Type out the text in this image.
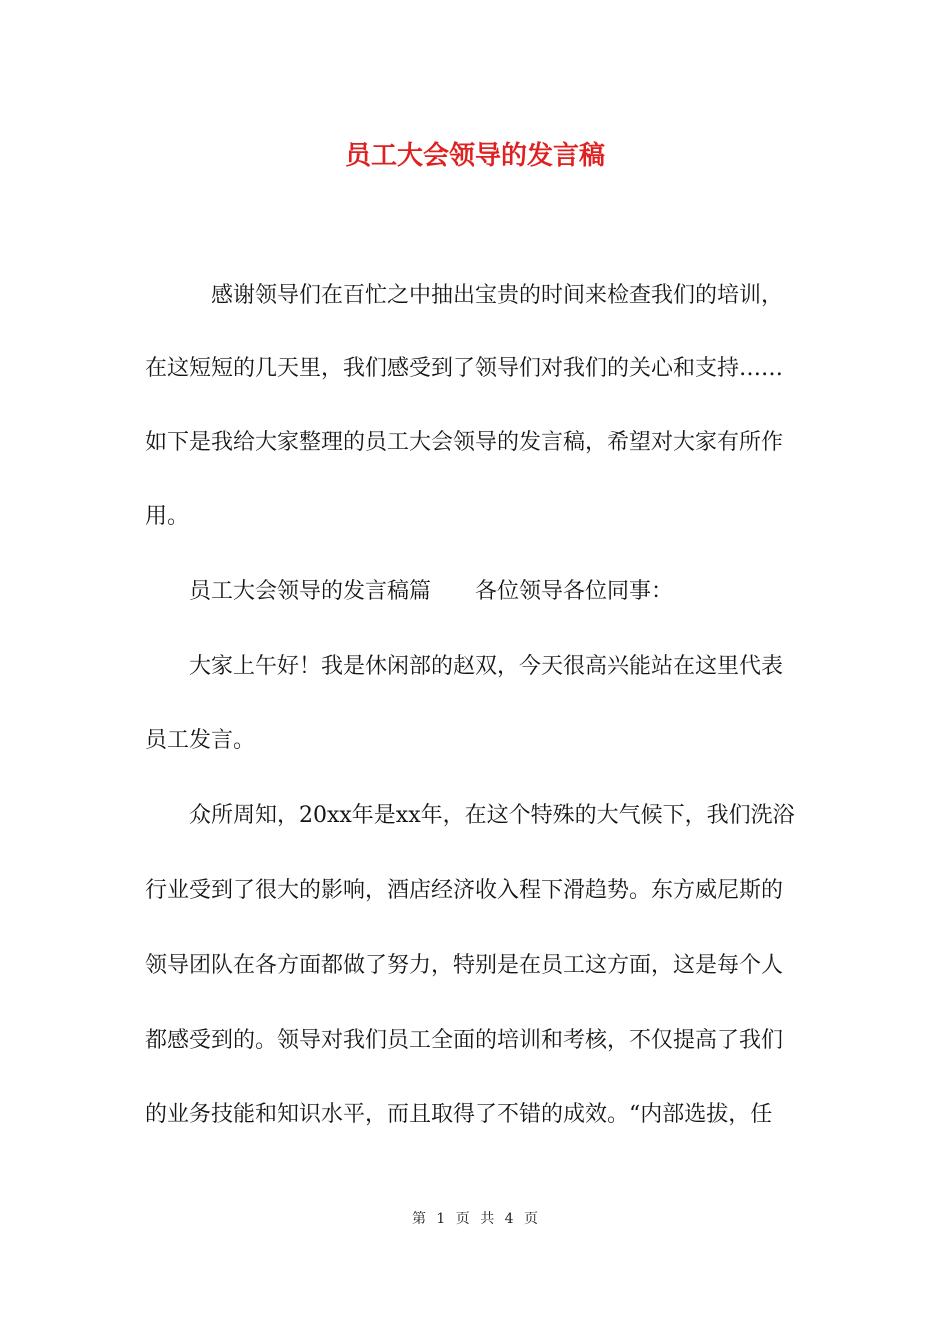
员工大会领导的发言稿
　　　感谢领导们在百忙之中抽出宝贵的时间来检查我们的培训，
在这短短的几天里，我们感受到了领导们对我们的关心和支持……
如下是我给大家整理的员工大会领导的发言稿，希望对大家有所作
用。
　　员工大会领导的发言稿篇　　各位领导各位同事：
　　大家上午好！我是休闲部的赵双，今天很高兴能站在这里代表
员工发言。
　　众所周知，20xx年是xx年，在这个特殊的大气候下，我们洗浴
行业受到了很大的影响，酒店经济收入程下滑趋势。东方威尼斯的
领导团队在各方面都做了努力，特别是在员工这方面，这是每个人
都感受到的。领导对我们员工全面的培训和考核，不仅提高了我们
的业务技能和知识水平，而且取得了不错的成效。“内部选拔，任
第 1 页 共 4 页
